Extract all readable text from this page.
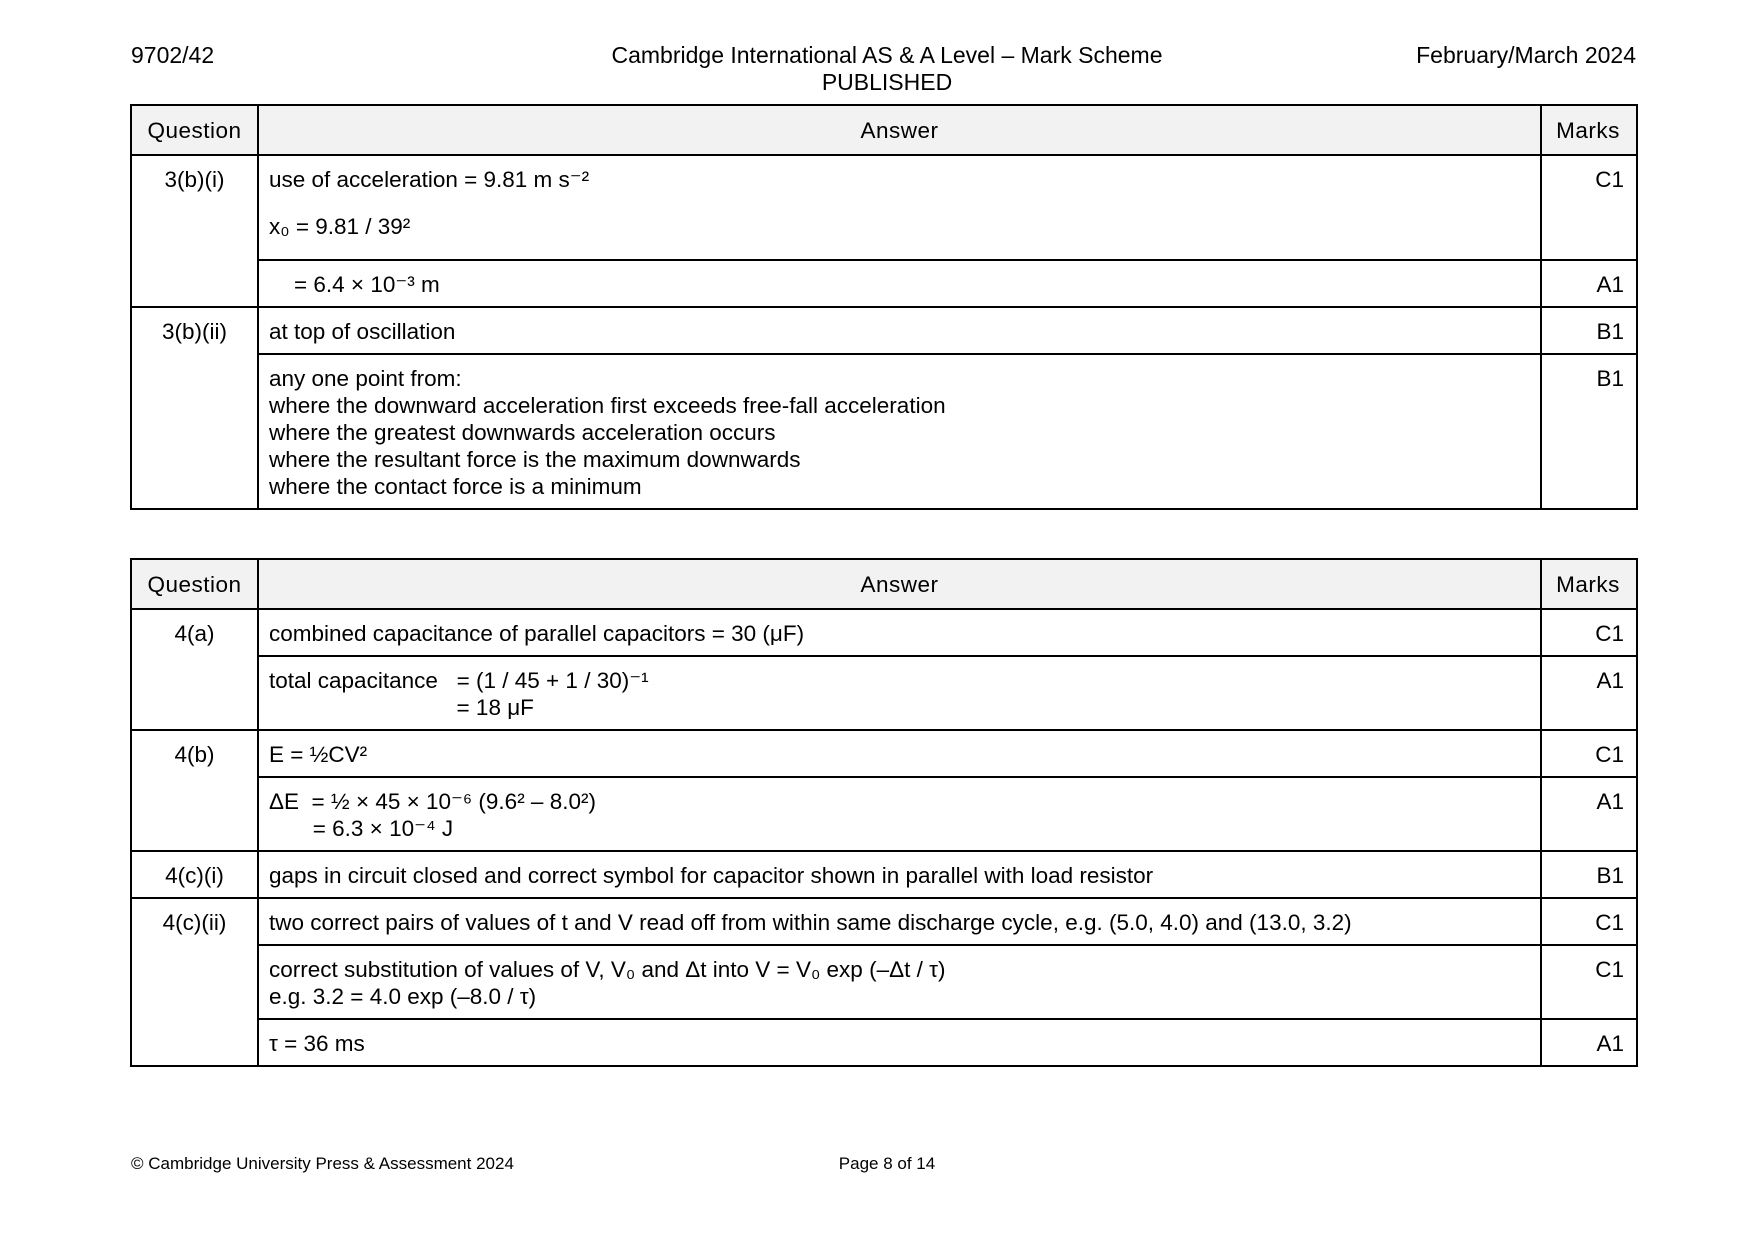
9702/42	Cambridge International AS & A Level – Mark Scheme
PUBLISHED
February/March 2024
Question	Answer	Marks
3(b)(i)	use of acceleration = 9.81 m s⁻²
x₀ = 9.81 / 39²	C1

	= 6.4 × 10⁻³ m	A1
3(b)(ii)	at top of oscillation	B1

	any one point from:
where the downward acceleration first exceeds free-fall acceleration
where the greatest downwards acceleration occurs
where the resultant force is the maximum downwards
where the contact force is a minimum	B1
Question	Answer	Marks
4(a)	combined capacitance of parallel capacitors = 30 (μF)	C1

	total capacitance   = (1 / 45 + 1 / 30)⁻¹
= 18 μF	A1
4(b)	E = ½CV²	C1

	ΔE  = ½ × 45 × 10⁻⁶ (9.6² – 8.0²)
= 6.3 × 10⁻⁴ J	A1
4(c)(i)	gaps in circuit closed and correct symbol for capacitor shown in parallel with load resistor	B1
4(c)(ii)	two correct pairs of values of t and V read off from within same discharge cycle, e.g. (5.0, 4.0) and (13.0, 3.2)	C1

	correct substitution of values of V, V₀ and Δt into V = V₀ exp (–Δt / τ)
e.g. 3.2 = 4.0 exp (–8.0 / τ)	C1

	τ = 36 ms	A1
© Cambridge University Press & Assessment 2024	Page 8 of 14
